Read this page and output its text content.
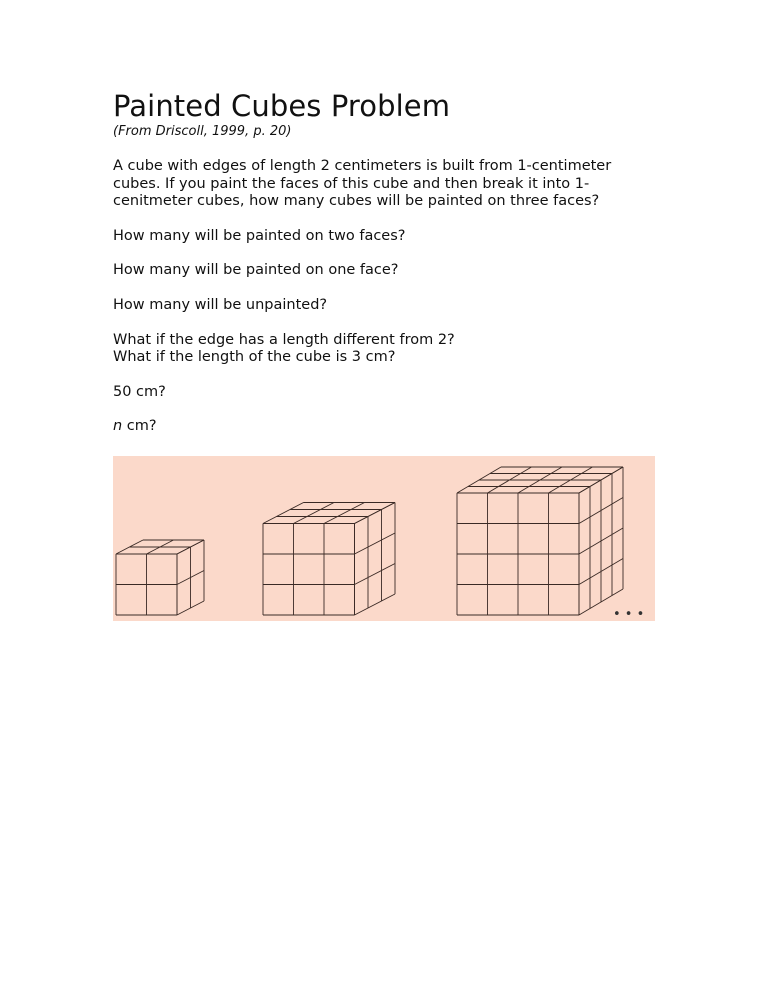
Painted Cubes Problem

(From Driscoll, 1999, p. 20)

A cube with edges of length 2 centimeters is built from 1-centimeter cubes. If you paint the faces of this cube and then break it into 1-cenitmeter cubes, how many cubes will be painted on three faces?

How many will be painted on two faces?

How many will be painted on one face?

How many will be unpainted?

What if the edge has a length different from 2?

What if the length of the cube is 3 cm?

50 cm?

n cm?

• • •
